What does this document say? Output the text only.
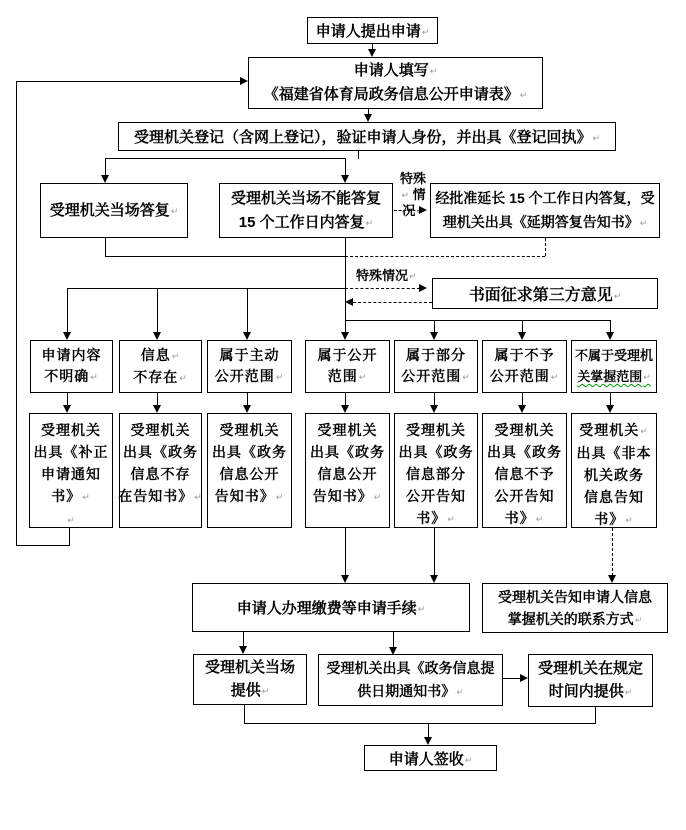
申请人提出申请 ↵
申请人填写 ↵
《福建省体育局政务信息公开申请表》 ↵
受理机关登记（含网上登记），验证申请人身份，并出具《登记回执》 ↵
受理机关当场答复 ↵
受理机关当场不能答复
15 个工作日内答复 ↵
经批准延长 15 个工作日内答复，受
理机关出具《延期答复告知书》 ↵
书面征求第三方意见 ↵
申请内容
不明确 ↵
信息 ↵
不存在 ↵
属于主动
公开范围 ↵
属于公开
范围 ↵
属于部分
公开范围 ↵
属于不予
公开范围 ↵
不属于受理机
关掌握范围 ↵
受理机关
出具《补正
申请通知
书》 ↵
↵
受理机关
出具《政务
信息不存
在告知书》 ↵
受理机关
出具《政务
信息公开
告知书》 ↵
受理机关
出具《政务
信息公开
告知书》 ↵
受理机关
出具《政务
信息部分
公开告知
书》 ↵
受理机关
出具《政务
信息不予
公开告知
书》 ↵
受理机关 ↵
出具《非本
机关政务
信息告知
书》 ↵
申请人办理缴费等申请手续 ↵
受理机关告知申请人信息
掌握机关的联系方式 ↵
受理机关当场
提供 ↵
受理机关出具《政务信息提
供日期通知书》 ↵
受理机关在规定
时间内提供 ↵
申请人签收 ↵
特殊 ↵ 情况 ↵
特殊情况 ↵
